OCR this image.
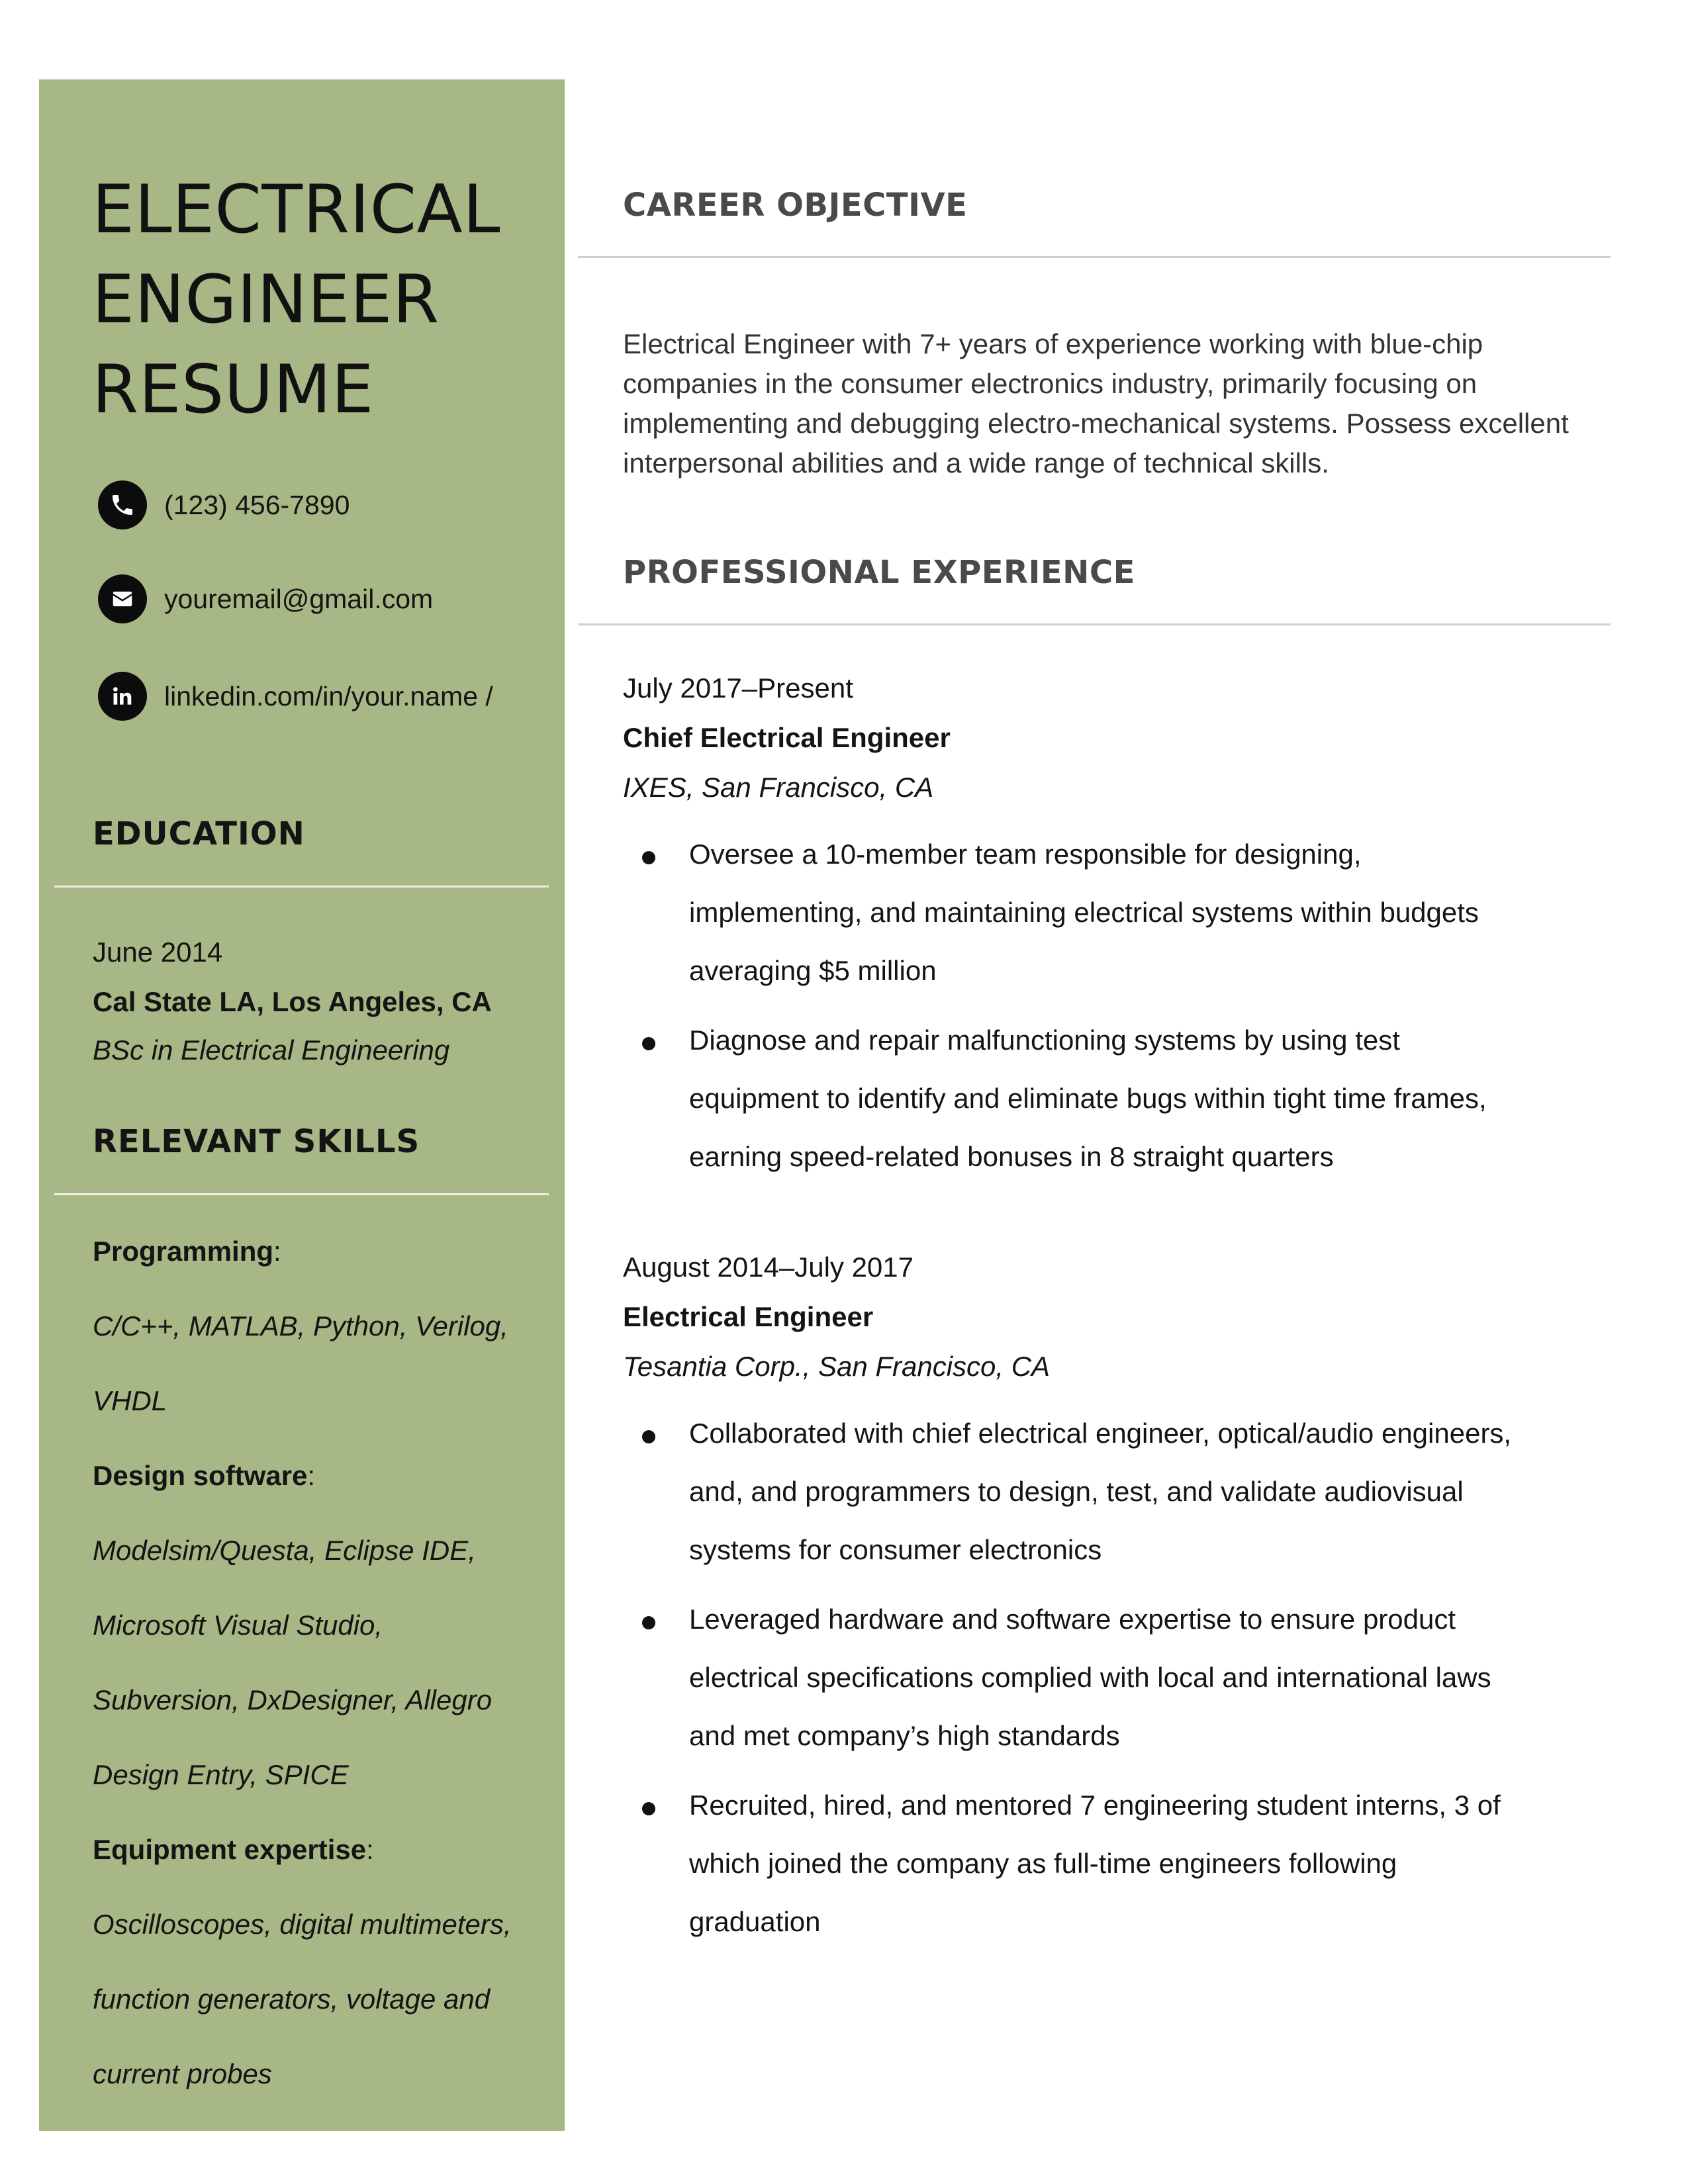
ELECTRICAL
ENGINEER
RESUME
(123) 456-7890
youremail@gmail.com
linkedin.com/in/your.name /
EDUCATION
June 2014
Cal State LA, Los Angeles, CA
BSc in Electrical Engineering
RELEVANT SKILLS
Programming:
C/C++, MATLAB, Python, Verilog,
VHDL
Design software:
Modelsim/Questa, Eclipse IDE,
Microsoft Visual Studio,
Subversion, DxDesigner, Allegro
Design Entry, SPICE
Equipment expertise:
Oscilloscopes, digital multimeters,
function generators, voltage and
current probes
CAREER OBJECTIVE

Electrical Engineer with 7+ years of experience working with blue-chip
companies in the consumer electronics industry, primarily focusing on
implementing and debugging electro-mechanical systems. Possess excellent
interpersonal abilities and a wide range of technical skills.

PROFESSIONAL EXPERIENCE
July 2017–Present
Chief Electrical Engineer
IXES, San Francisco, CA
Oversee a 10-member team responsible for designing,
implementing, and maintaining electrical systems within budgets
averaging $5 million
Diagnose and repair malfunctioning systems by using test
equipment to identify and eliminate bugs within tight time frames,
earning speed-related bonuses in 8 straight quarters
August 2014–July 2017
Electrical Engineer
Tesantia Corp., San Francisco, CA
Collaborated with chief electrical engineer, optical/audio engineers,
and, and programmers to design, test, and validate audiovisual
systems for consumer electronics
Leveraged hardware and software expertise to ensure product
electrical specifications complied with local and international laws
and met company’s high standards
Recruited, hired, and mentored 7 engineering student interns, 3 of
which joined the company as full-time engineers following
graduation
